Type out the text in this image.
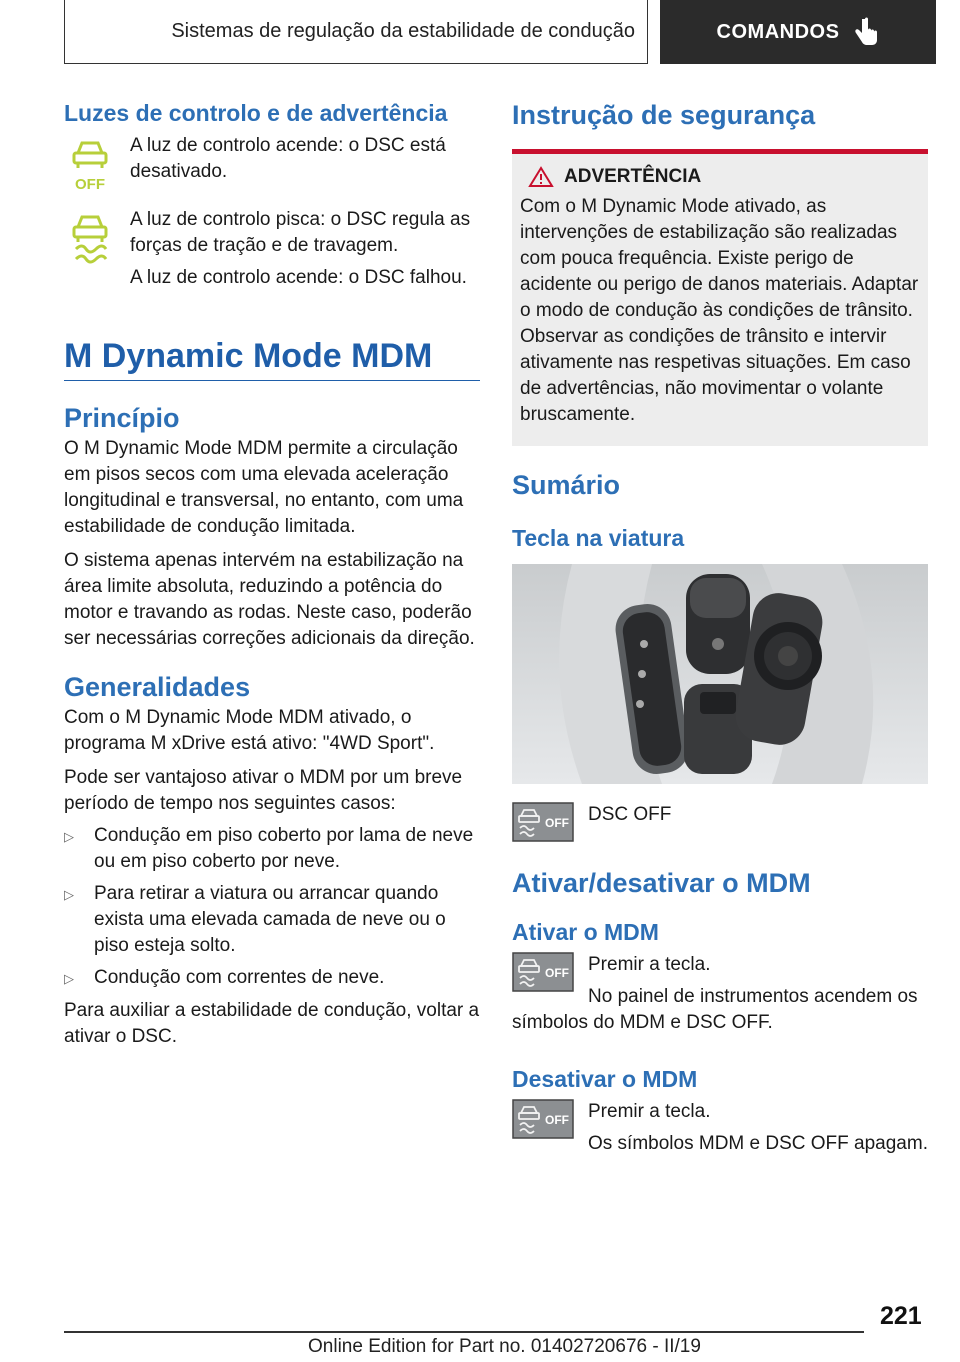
Sistemas de regulação da estabilidade de condução	COMANDOS
Luzes de controlo e de advertência
OFF

A luz de controlo acende: o DSC está desativado.

A luz de controlo pisca: o DSC regula as forças de tração e de travagem.

A luz de controlo acende: o DSC falhou.

M Dynamic Mode MDM
Princípio

O M Dynamic Mode MDM permite a circulação em pisos secos com uma elevada aceleração longitudinal e transversal, no entanto, com uma estabilidade de condução limitada.

O sistema apenas intervém na estabilização na área limite absoluta, reduzindo a potência do motor e travando as rodas. Neste caso, poderão ser necessárias correções adicionais da direção.

Generalidades

Com o M Dynamic Mode MDM ativado, o programa M xDrive está ativo: "4WD Sport".

Pode ser vantajoso ativar o MDM por um breve período de tempo nos seguintes casos:

▷	Condução em piso coberto por lama de neve ou em piso coberto por neve.
▷	Para retirar a viatura ou arrancar quando exista uma elevada camada de neve ou o piso esteja solto.
▷	Condução com correntes de neve.

Para auxiliar a estabilidade de condução, voltar a ativar o DSC.

Instrução de segurança
ADVERTÊNCIA

Com o M Dynamic Mode ativado, as intervenções de estabilização são realizadas com pouca frequência. Existe perigo de acidente ou perigo de danos materiais. Adaptar o modo de condução às condições de trânsito. Observar as condições de trânsito e intervir ativamente nas respetivas situações. Em caso de advertências, não movimentar o volante bruscamente.

Sumário
Tecla na viatura
OFF DSC OFF

Ativar/desativar o MDM
Ativar o MDM
OFF Premir a tecla.

No painel de instrumentos acendem os símbolos do MDM e DSC OFF.

Desativar o MDM
OFF Premir a tecla.

Os símbolos MDM e DSC OFF apagam.

221
Online Edition for Part no. 01402720676 - II/19
